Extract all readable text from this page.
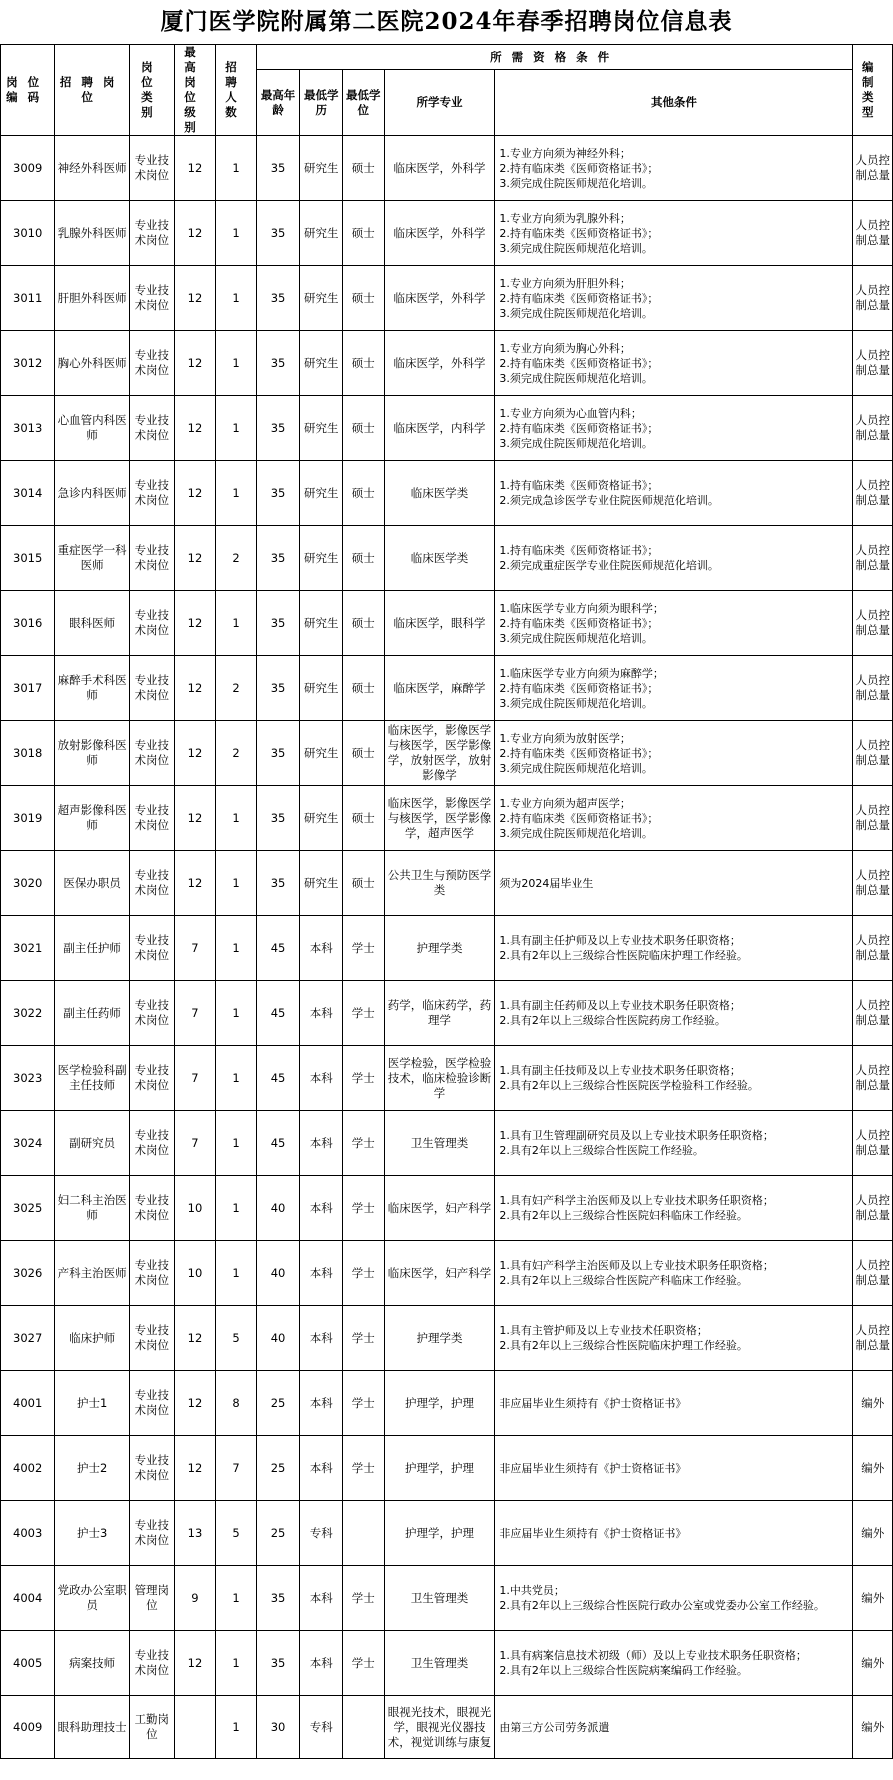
厦门医学院附属第二医院2024年春季招聘岗位信息表
岗位编码	招聘岗位	岗位类别	最高岗位级别	招聘人数	所需资格条件					编制类型
					最高年龄	最低学历	最低学位	所学专业	其他条件	
3009	神经外科医师	专业技术岗位	12	1	35	研究生	硕士	临床医学，外科学	1.专业方向须为神经外科；
2.持有临床类《医师资格证书》；
3.须完成住院医师规范化培训。	人员控制总量
3010	乳腺外科医师	专业技术岗位	12	1	35	研究生	硕士	临床医学，外科学	1.专业方向须为乳腺外科；
2.持有临床类《医师资格证书》；
3.须完成住院医师规范化培训。	人员控制总量
3011	肝胆外科医师	专业技术岗位	12	1	35	研究生	硕士	临床医学，外科学	1.专业方向须为肝胆外科；
2.持有临床类《医师资格证书》；
3.须完成住院医师规范化培训。	人员控制总量
3012	胸心外科医师	专业技术岗位	12	1	35	研究生	硕士	临床医学，外科学	1.专业方向须为胸心外科；
2.持有临床类《医师资格证书》；
3.须完成住院医师规范化培训。	人员控制总量
3013	心血管内科医师	专业技术岗位	12	1	35	研究生	硕士	临床医学，内科学	1.专业方向须为心血管内科；
2.持有临床类《医师资格证书》；
3.须完成住院医师规范化培训。	人员控制总量
3014	急诊内科医师	专业技术岗位	12	1	35	研究生	硕士	临床医学类	1.持有临床类《医师资格证书》；
2.须完成急诊医学专业住院医师规范化培训。	人员控制总量
3015	重症医学一科医师	专业技术岗位	12	2	35	研究生	硕士	临床医学类	1.持有临床类《医师资格证书》；
2.须完成重症医学专业住院医师规范化培训。	人员控制总量
3016	眼科医师	专业技术岗位	12	1	35	研究生	硕士	临床医学，眼科学	1.临床医学专业方向须为眼科学；
2.持有临床类《医师资格证书》；
3.须完成住院医师规范化培训。	人员控制总量
3017	麻醉手术科医师	专业技术岗位	12	2	35	研究生	硕士	临床医学，麻醉学	1.临床医学专业方向须为麻醉学；
2.持有临床类《医师资格证书》；
3.须完成住院医师规范化培训。	人员控制总量
3018	放射影像科医师	专业技术岗位	12	2	35	研究生	硕士	临床医学，影像医学与核医学，医学影像学，放射医学，放射影像学	1.专业方向须为放射医学；
2.持有临床类《医师资格证书》；
3.须完成住院医师规范化培训。	人员控制总量
3019	超声影像科医师	专业技术岗位	12	1	35	研究生	硕士	临床医学，影像医学与核医学，医学影像学，超声医学	1.专业方向须为超声医学；
2.持有临床类《医师资格证书》；
3.须完成住院医师规范化培训。	人员控制总量
3020	医保办职员	专业技术岗位	12	1	35	研究生	硕士	公共卫生与预防医学类	须为2024届毕业生	人员控制总量
3021	副主任护师	专业技术岗位	7	1	45	本科	学士	护理学类	1.具有副主任护师及以上专业技术职务任职资格；
2.具有2年以上三级综合性医院临床护理工作经验。	人员控制总量
3022	副主任药师	专业技术岗位	7	1	45	本科	学士	药学，临床药学，药理学	1.具有副主任药师及以上专业技术职务任职资格；
2.具有2年以上三级综合性医院药房工作经验。	人员控制总量
3023	医学检验科副主任技师	专业技术岗位	7	1	45	本科	学士	医学检验，医学检验技术，临床检验诊断学	1.具有副主任技师及以上专业技术职务任职资格；
2.具有2年以上三级综合性医院医学检验科工作经验。	人员控制总量
3024	副研究员	专业技术岗位	7	1	45	本科	学士	卫生管理类	1.具有卫生管理副研究员及以上专业技术职务任职资格；
2.具有2年以上三级综合性医院工作经验。	人员控制总量
3025	妇二科主治医师	专业技术岗位	10	1	40	本科	学士	临床医学，妇产科学	1.具有妇产科学主治医师及以上专业技术职务任职资格；
2.具有2年以上三级综合性医院妇科临床工作经验。	人员控制总量
3026	产科主治医师	专业技术岗位	10	1	40	本科	学士	临床医学，妇产科学	1.具有妇产科学主治医师及以上专业技术职务任职资格；
2.具有2年以上三级综合性医院产科临床工作经验。	人员控制总量
3027	临床护师	专业技术岗位	12	5	40	本科	学士	护理学类	1.具有主管护师及以上专业技术任职资格；
2.具有2年以上三级综合性医院临床护理工作经验。	人员控制总量
4001	护士1	专业技术岗位	12	8	25	本科	学士	护理学，护理	非应届毕业生须持有《护士资格证书》	编外
4002	护士2	专业技术岗位	12	7	25	本科	学士	护理学，护理	非应届毕业生须持有《护士资格证书》	编外
4003	护士3	专业技术岗位	13	5	25	专科		护理学，护理	非应届毕业生须持有《护士资格证书》	编外
4004	党政办公室职员	管理岗位	9	1	35	本科	学士	卫生管理类	1.中共党员；
2.具有2年以上三级综合性医院行政办公室或党委办公室工作经验。	编外
4005	病案技师	专业技术岗位	12	1	35	本科	学士	卫生管理类	1.具有病案信息技术初级（师）及以上专业技术职务任职资格；
2.具有2年以上三级综合性医院病案编码工作经验。	编外
4009	眼科助理技士	工勤岗位		1	30	专科		眼视光技术，眼视光学，眼视光仪器技术，视觉训练与康复	由第三方公司劳务派遣	编外
